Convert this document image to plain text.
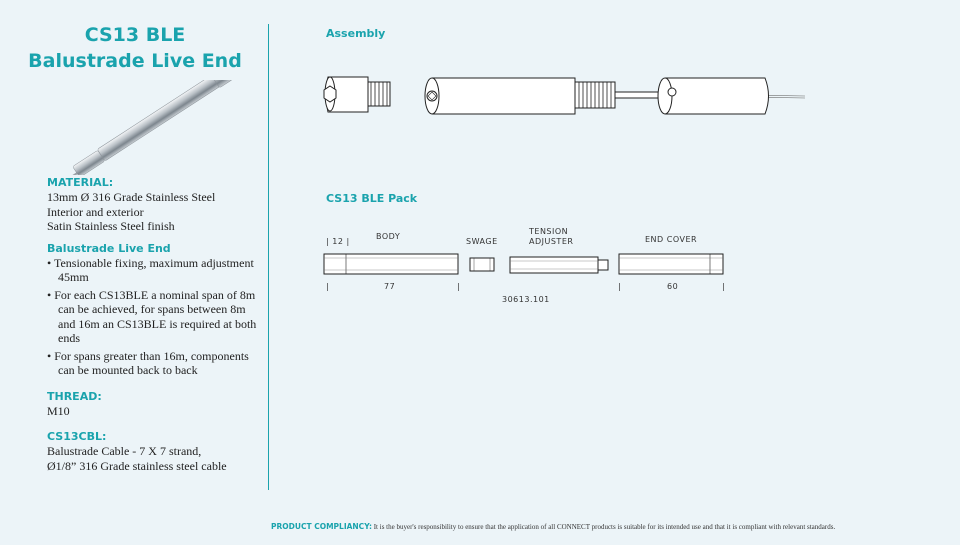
CS13 BLE
Balustrade Live End

MATERIAL:

13mm Ø 316 Grade Stainless Steel

Interior and exterior

Satin Stainless Steel finish

Balustrade Live End

• Tensionable fixing, maximum adjustment 45mm
• For each CS13BLE a nominal span of 8m can be achieved, for spans between 8m and 16m an CS13BLE is required at both ends
• For spans greater than 16m, components can be mounted back to back

THREAD:

M10

CS13CBL:

Balustrade Cable - 7 X 7 strand,

Ø1/8” 316 Grade stainless steel cable

Assembly
CS13 BLE Pack
| 12 |
BODY
SWAGE
TENSION
ADJUSTER	END COVER
|	77	|	|	60	|
30613.101
PRODUCT COMPLIANCY: It is the buyer's responsibility to ensure that the application of all CONNECT products is suitable for its intended use and that it is compliant with relevant standards.
